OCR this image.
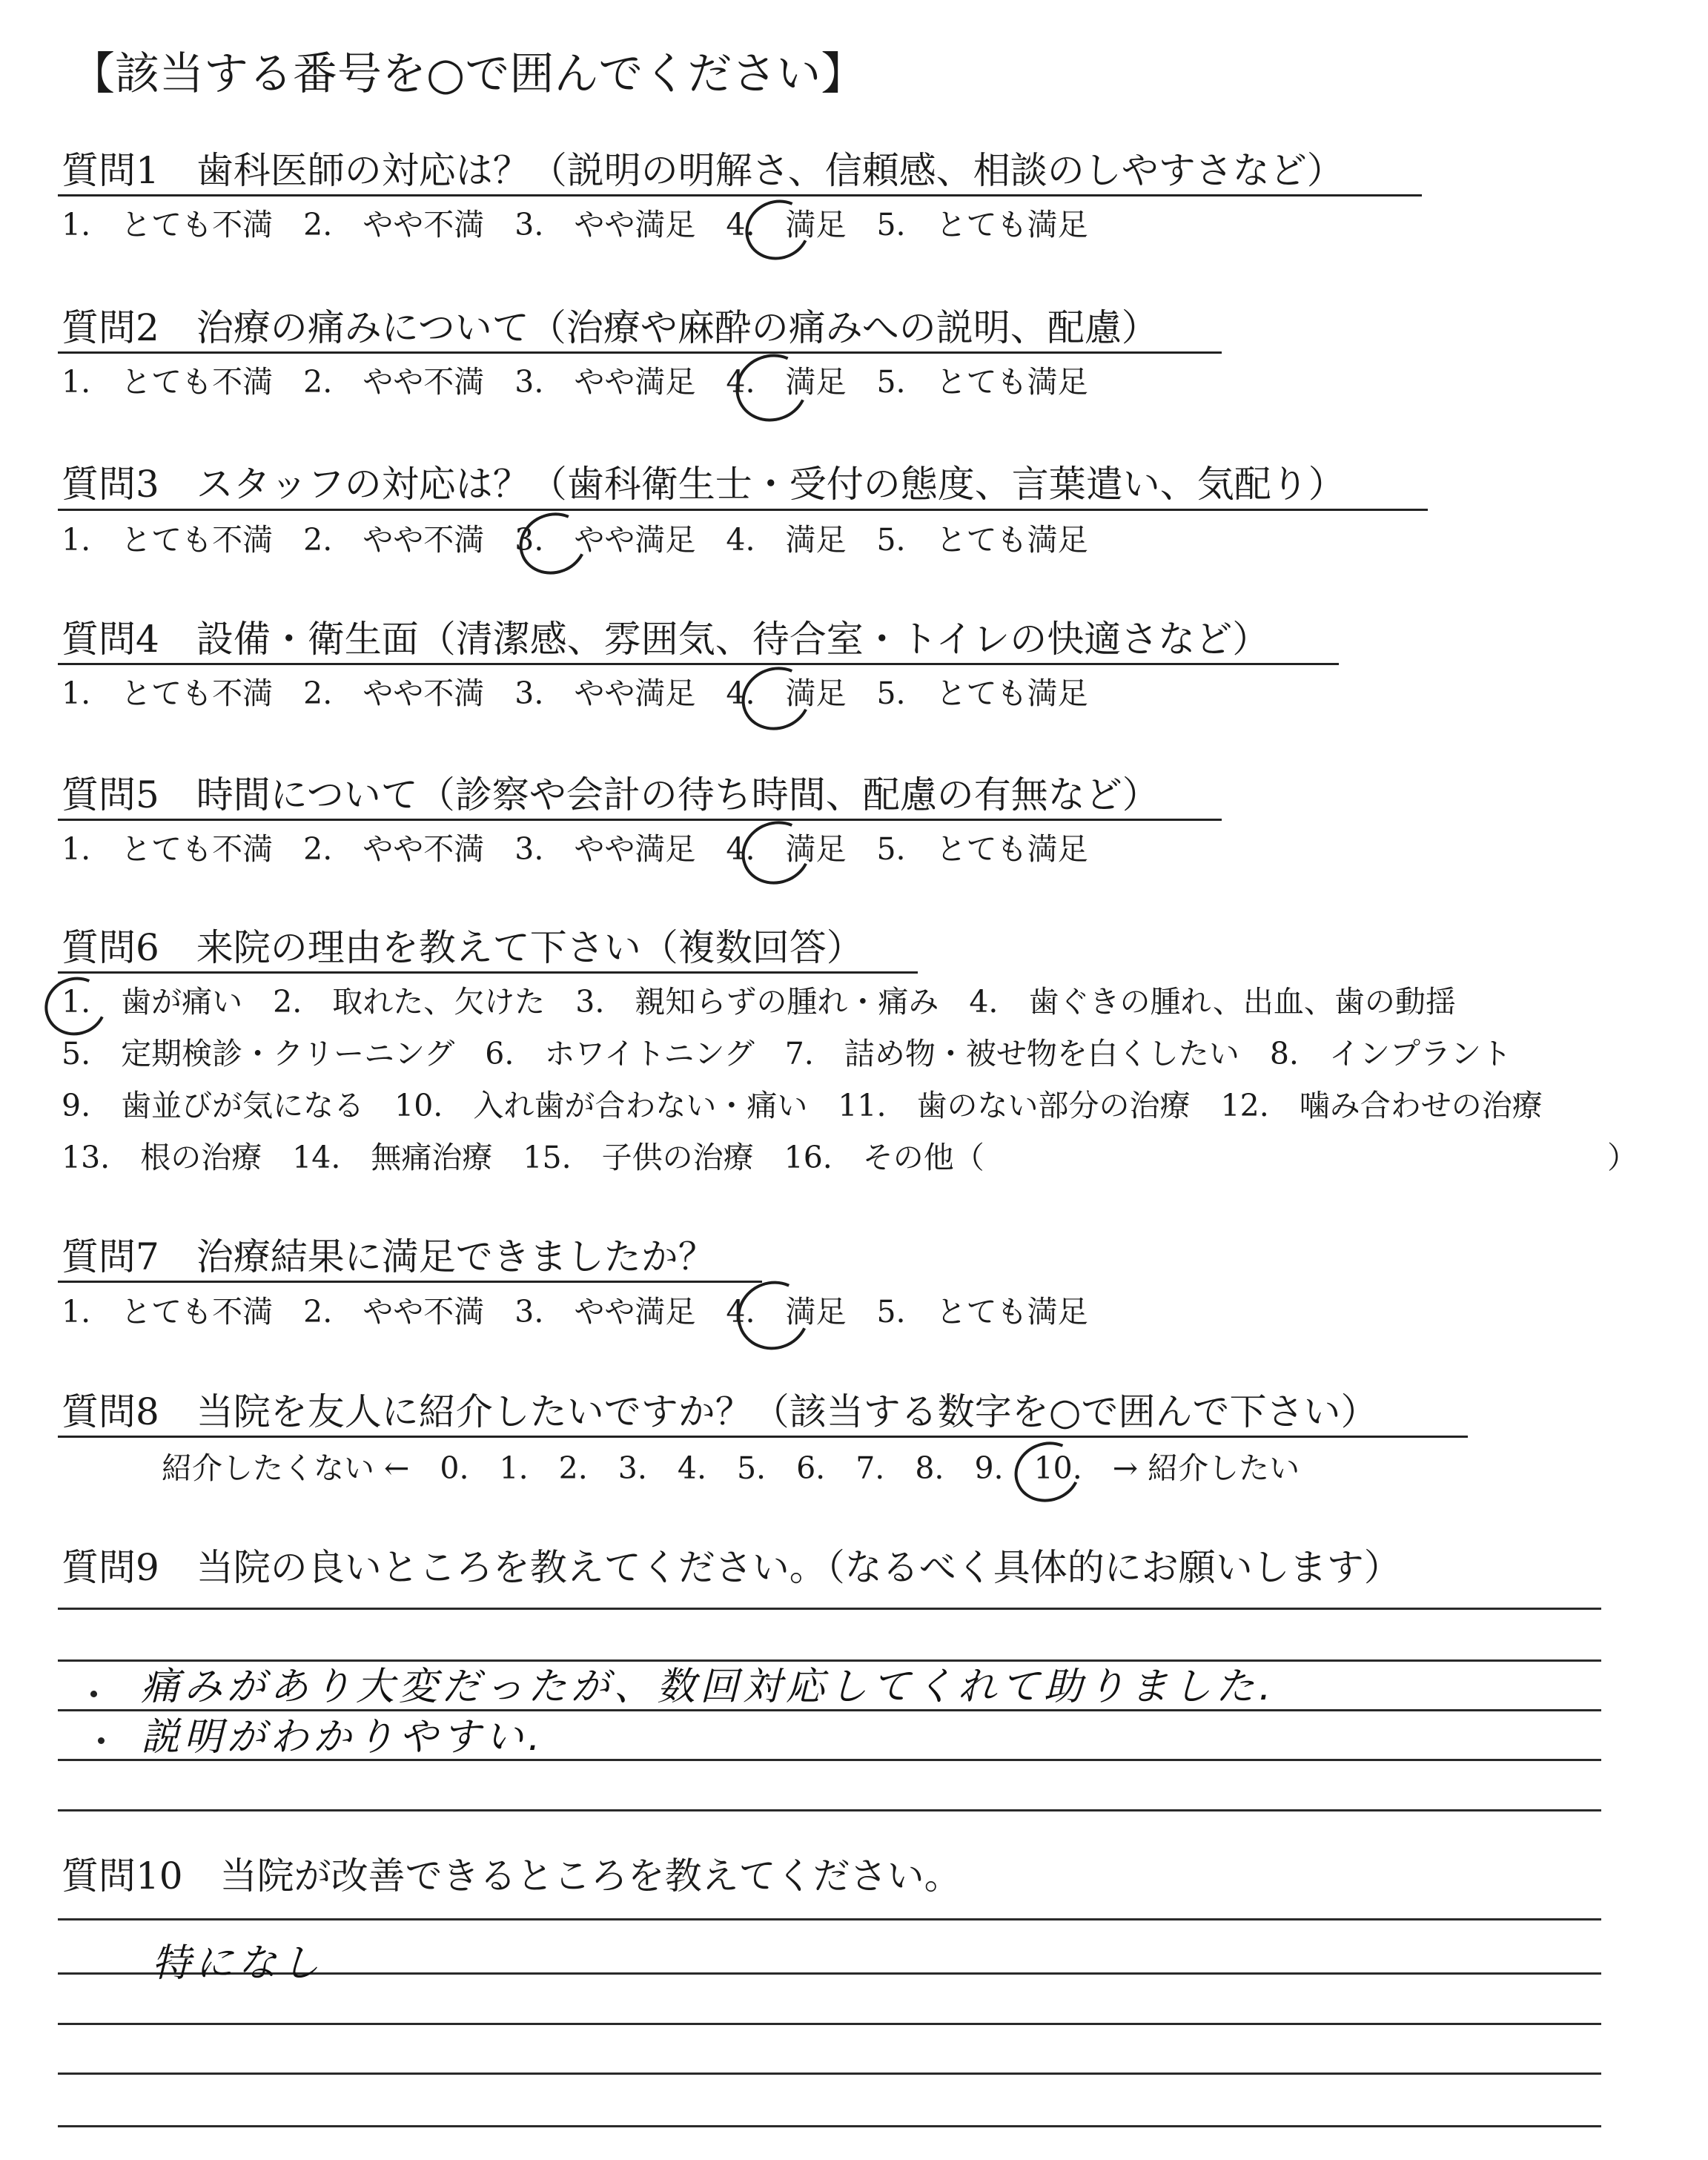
【該当する番号を○で囲んでください】
質問1　歯科医師の対応は？（説明の明解さ、信頼感、相談のしやすさなど）
1.　とても不満　2.　やや不満　3.　やや満足　4.　満足　5.　とても満足
質問2　治療の痛みについて（治療や麻酔の痛みへの説明、配慮）
1.　とても不満　2.　やや不満　3.　やや満足　4.　満足　5.　とても満足
質問3　スタッフの対応は？（歯科衛生士・受付の態度、言葉遣い、気配り）
1.　とても不満　2.　やや不満　3.　やや満足　4.　満足　5.　とても満足
質問4　設備・衛生面（清潔感、雰囲気、待合室・トイレの快適さなど）
1.　とても不満　2.　やや不満　3.　やや満足　4.　満足　5.　とても満足
質問5　時間について（診察や会計の待ち時間、配慮の有無など）
1.　とても不満　2.　やや不満　3.　やや満足　4.　満足　5.　とても満足
質問6　来院の理由を教えて下さい（複数回答）
1.　歯が痛い　2.　取れた、欠けた　3.　親知らずの腫れ・痛み　4.　歯ぐきの腫れ、出血、歯の動揺
5.　定期検診・クリーニング　6.　ホワイトニング　7.　詰め物・被せ物を白くしたい　8.　インプラント
9.　歯並びが気になる　10.　入れ歯が合わない・痛い　11.　歯のない部分の治療　12.　噛み合わせの治療
13.　根の治療　14.　無痛治療　15.　子供の治療　16.　その他（	）
質問7　治療結果に満足できましたか？
1.　とても不満　2.　やや不満　3.　やや満足　4.　満足　5.　とても満足
質問8　当院を友人に紹介したいですか？（該当する数字を○で囲んで下さい）
紹介したくない ←　0.　1.　2.　3.　4.　5.　6.　7.　8.　9.　10.　→ 紹介したい
質問9　当院の良いところを教えてください。（なるべく具体的にお願いします）
痛みがあり大変だったが、数回対応してくれて助りました.
説明がわかりやすい.
質問10　当院が改善できるところを教えてください。
特になし
